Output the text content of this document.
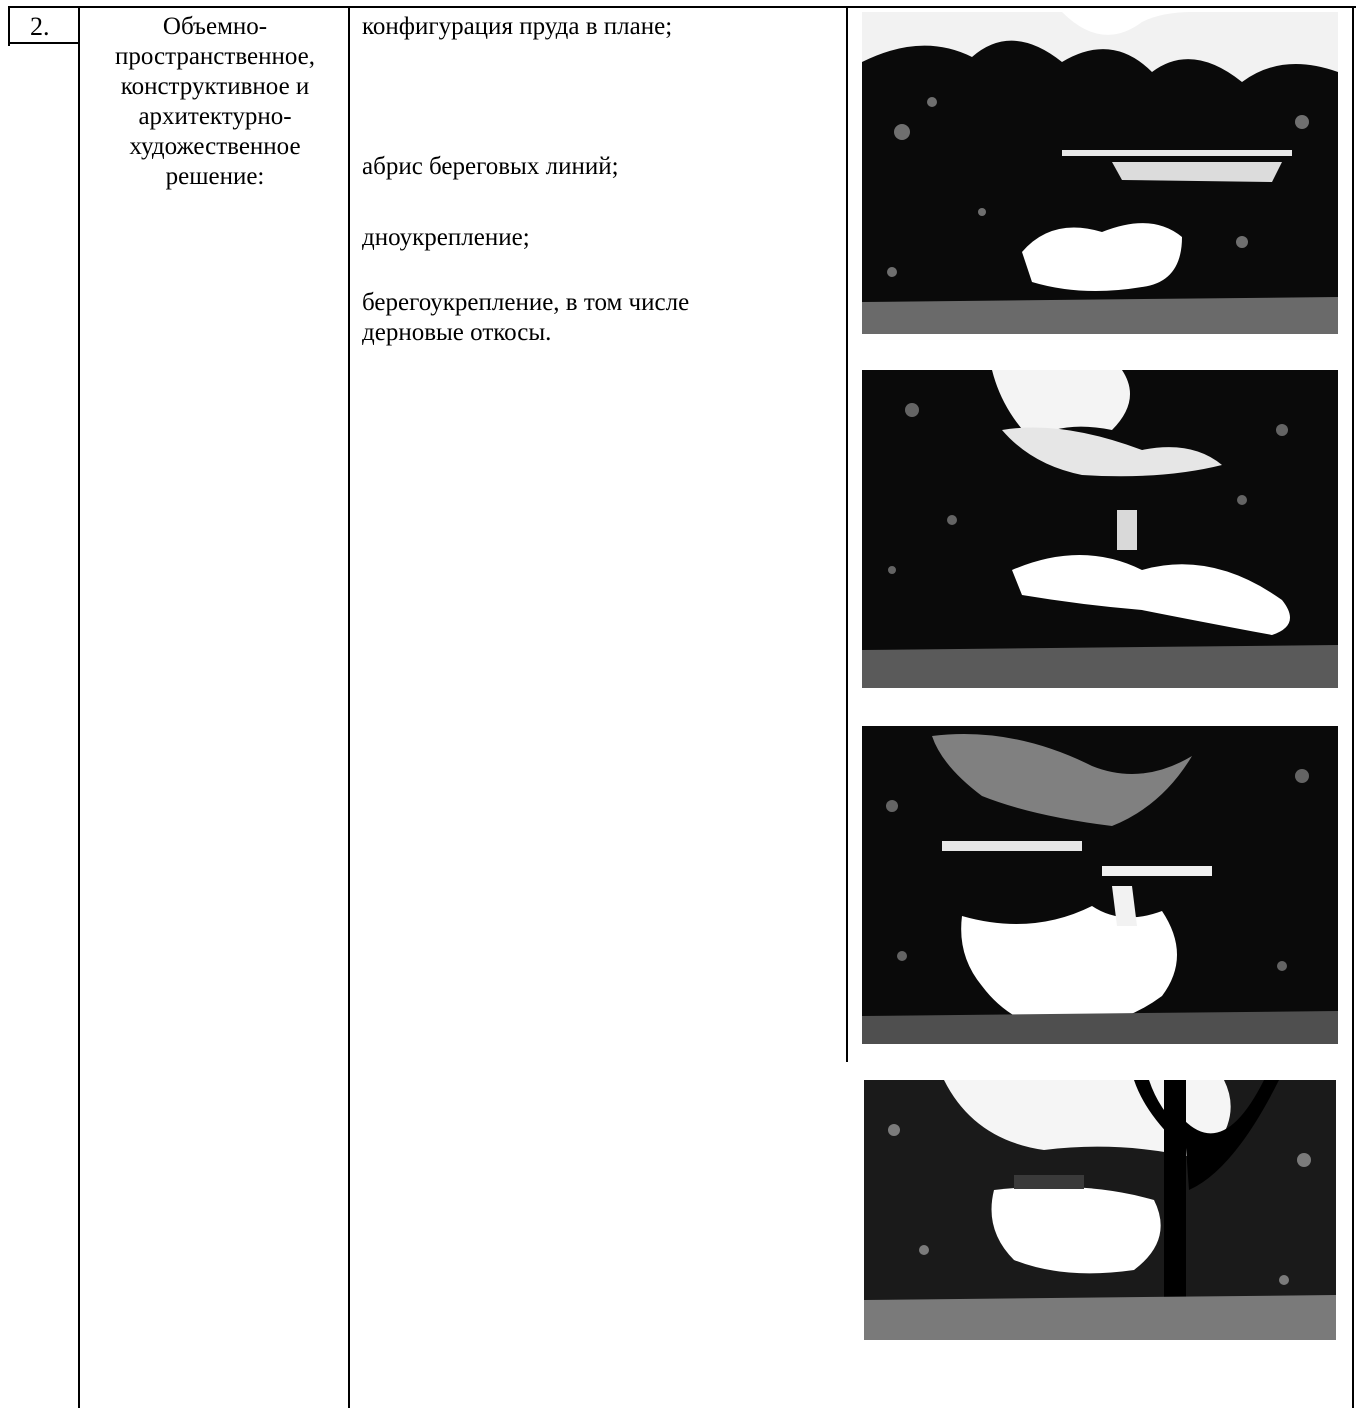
2.	Объемно-
пространственное,
конструктивное и
архитектурно-
художественное
решение:

конфигурация пруда в плане;

абрис береговых линий;

дноукрепление;

берегоукрепление, в том числе дерновые откосы.
